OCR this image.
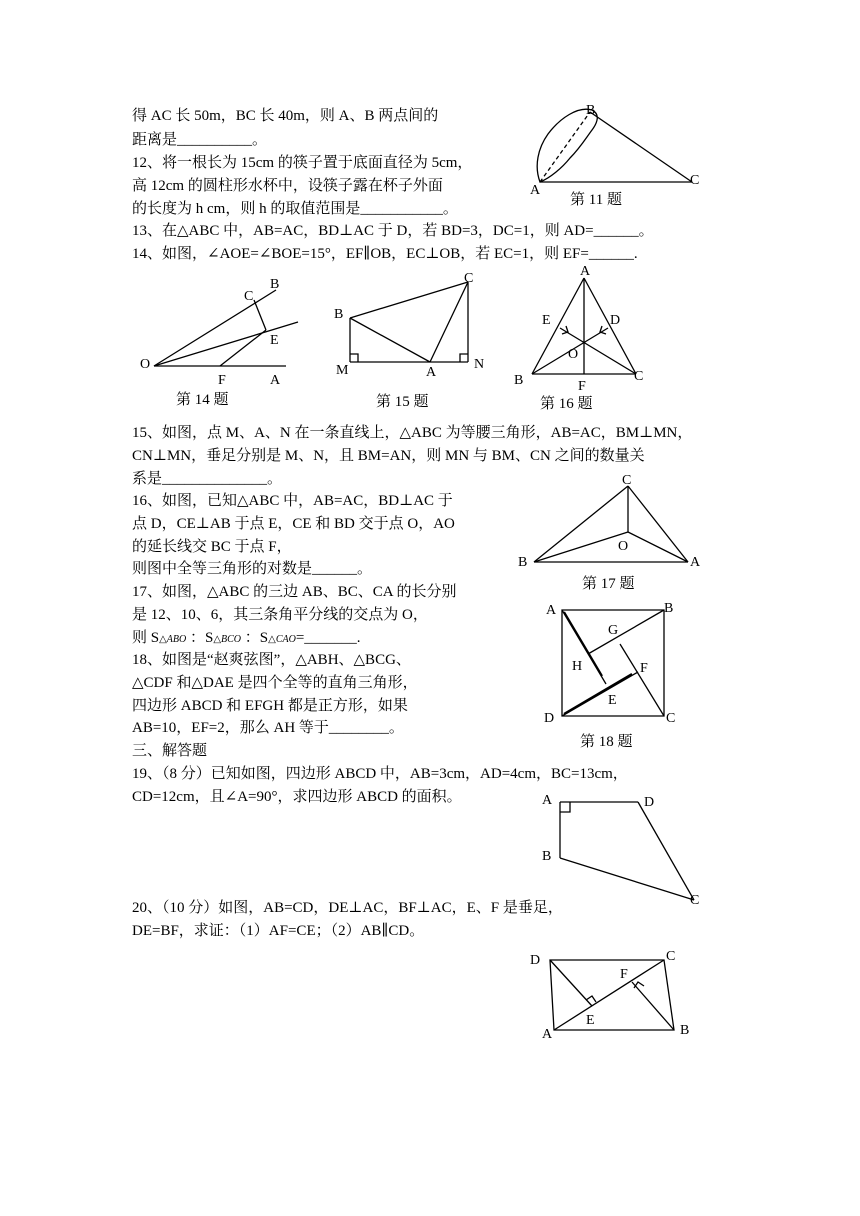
得 AC 长 50m，BC 长 40m，则 A、B 两点间的
距离是__________。
12、将一根长为 15cm 的筷子置于底面直径为 5cm，
高 12cm 的圆柱形水杯中，设筷子露在杯子外面
的长度为 h cm，则 h 的取值范围是___________。
13、在△ABC 中，AB=AC，BD⊥AC 于 D，若 BD=3，DC=1，则 AD=______。
14、如图，∠AOE=∠BOE=15°，EF∥OB，EC⊥OB，若 EC=1，则 EF=______.
15、如图，点 M、A、N 在一条直线上，△ABC 为等腰三角形，AB=AC，BM⊥MN，
CN⊥MN，垂足分别是 M、N，且 BM=AN，则 MN 与 BM、CN 之间的数量关
系是______________。
16、如图，已知△ABC 中，AB=AC，BD⊥AC 于
点 D，CE⊥AB 于点 E，CE 和 BD 交于点 O，AO
的延长线交 BC 于点 F，
则图中全等三角形的对数是______。
17、如图，△ABC 的三边 AB、BC、CA 的长分别
是 12、10、6，其三条角平分线的交点为 O，
则 S△ABO ：S△BCO ：S△CAO=_______.
18、如图是“赵爽弦图”，△ABH、△BCG、
△CDF 和△DAE 是四个全等的直角三角形，
四边形 ABCD 和 EFGH 都是正方形，如果
AB=10，EF=2，那么 AH 等于________。
三、解答题
19、（8 分）已知如图，四边形 ABCD 中，AB=3cm，AD=4cm，BC=13cm，
CD=12cm，且∠A=90°，求四边形 ABCD 的面积。
20、（10 分）如图，AB=CD，DE⊥AC，BF⊥AC，E、F 是垂足，
DE=BF，求证：（1）AF=CE；（2）AB∥CD。
A
B
C
第 11 题
O
B
C
E
F	A
第 14 题
B
C
M	A
N
第 15 题
A
E	D
O
B	F
C
第 16 题
C
O
B	A
第 17 题
A	B
G
H	F
E
D	C
第 18 题
A	D
B
C
D	C
F
E
A	B
